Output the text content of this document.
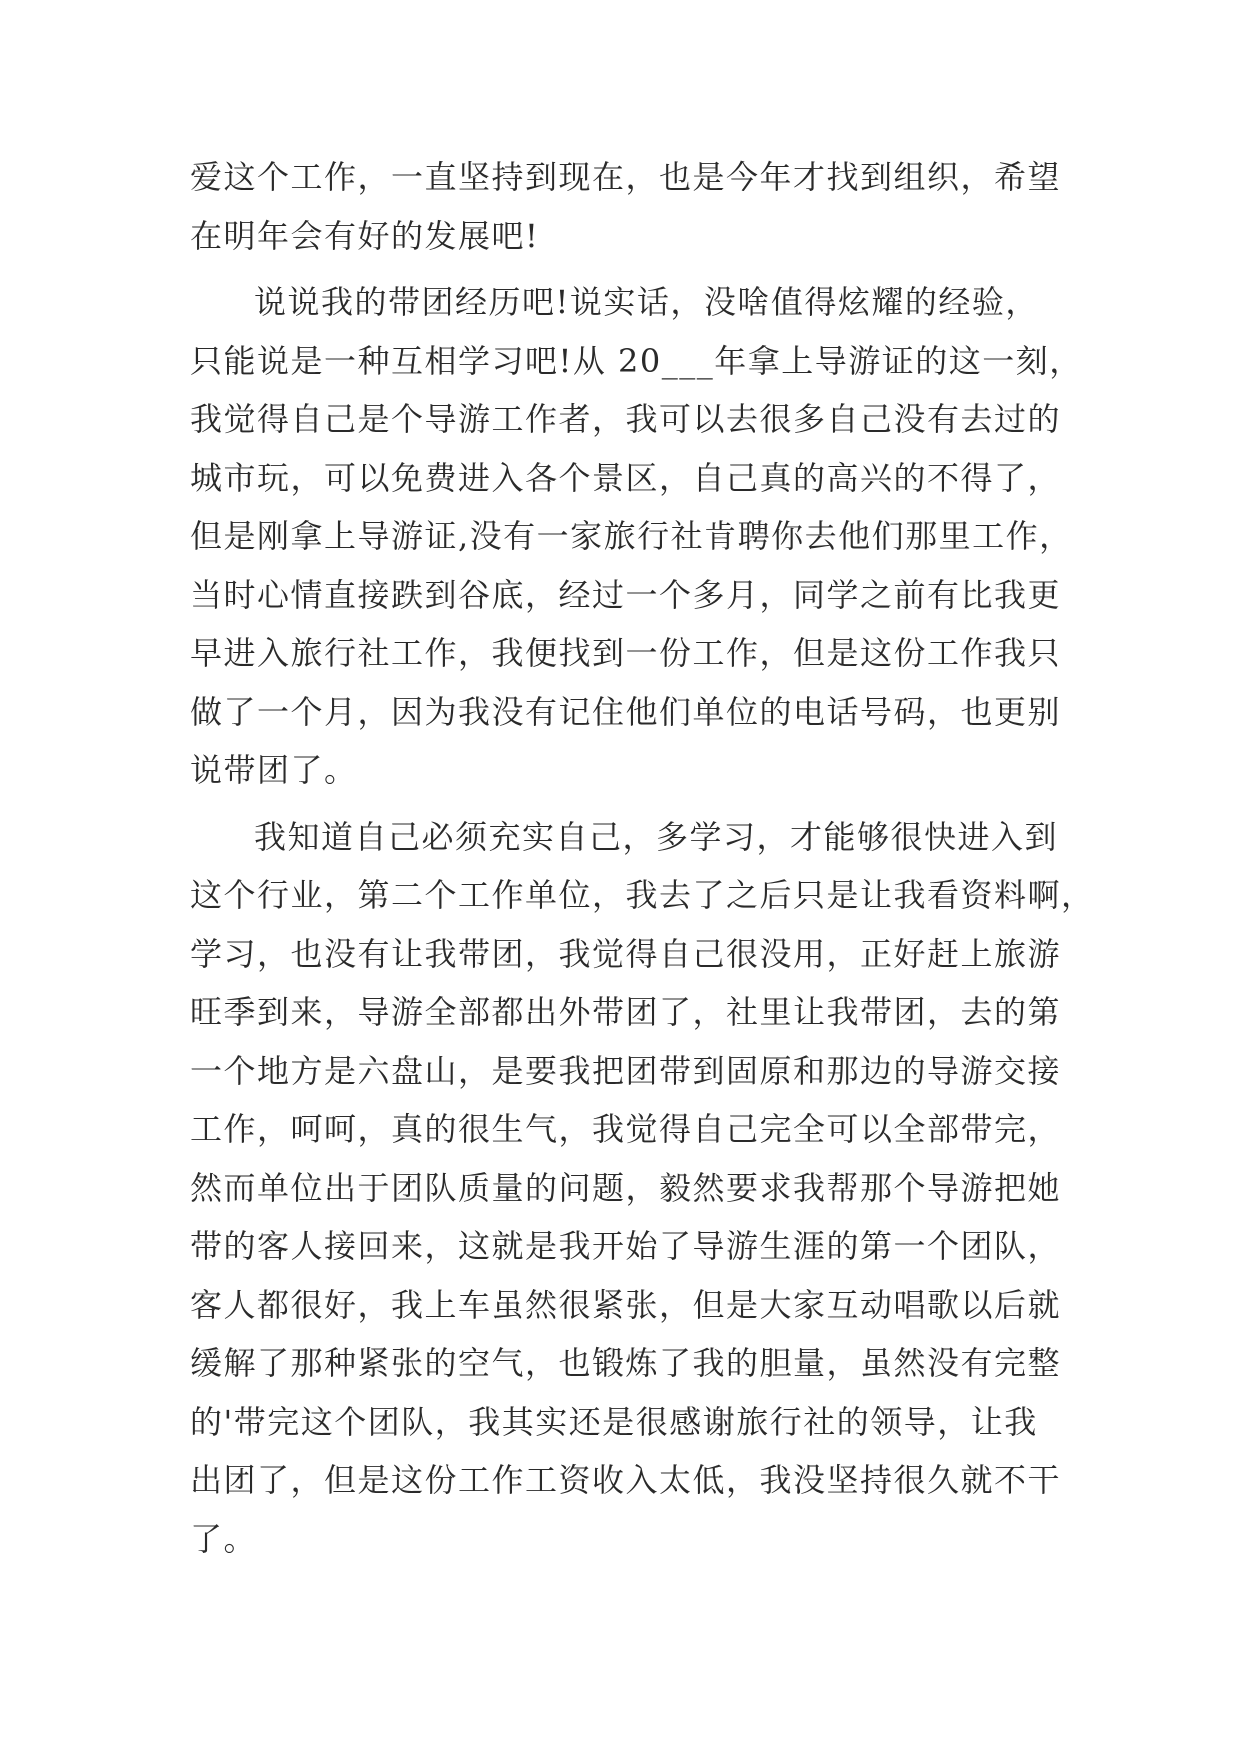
爱这个工作，一直坚持到现在，也是今年才找到组织，希望
在明年会有好的发展吧!
说说我的带团经历吧!说实话，没啥值得炫耀的经验，
只能说是一种互相学习吧!从 20___年拿上导游证的这一刻，
我觉得自己是个导游工作者，我可以去很多自己没有去过的
城市玩，可以免费进入各个景区，自己真的高兴的不得了，
但是刚拿上导游证,没有一家旅行社肯聘你去他们那里工作，
当时心情直接跌到谷底，经过一个多月，同学之前有比我更
早进入旅行社工作，我便找到一份工作，但是这份工作我只
做了一个月，因为我没有记住他们单位的电话号码，也更别
说带团了。
我知道自己必须充实自己，多学习，才能够很快进入到
这个行业，第二个工作单位，我去了之后只是让我看资料啊，
学习，也没有让我带团，我觉得自己很没用，正好赶上旅游
旺季到来，导游全部都出外带团了，社里让我带团，去的第
一个地方是六盘山，是要我把团带到固原和那边的导游交接
工作，呵呵，真的很生气，我觉得自己完全可以全部带完，
然而单位出于团队质量的问题，毅然要求我帮那个导游把她
带的客人接回来，这就是我开始了导游生涯的第一个团队，
客人都很好，我上车虽然很紧张，但是大家互动唱歌以后就
缓解了那种紧张的空气，也锻炼了我的胆量，虽然没有完整
的'带完这个团队，我其实还是很感谢旅行社的领导，让我
出团了，但是这份工作工资收入太低，我没坚持很久就不干
了。
